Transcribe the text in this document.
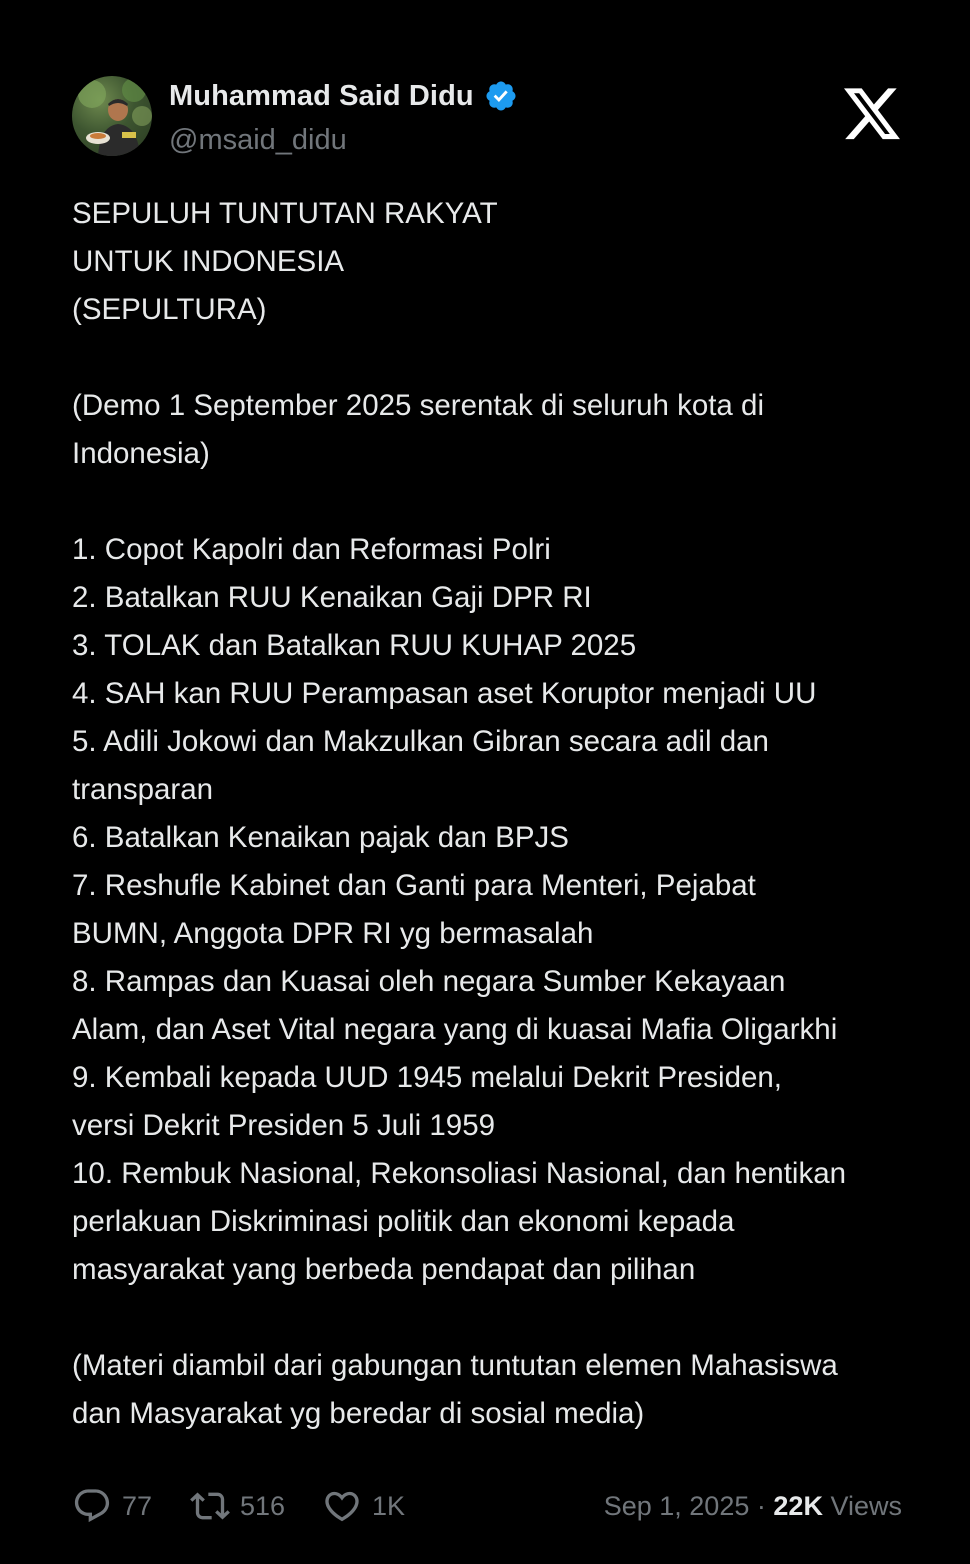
Muhammad Said Didu
@msaid_didu

SEPULUH TUNTUTAN RAKYAT

UNTUK INDONESIA

(SEPULTURA)

(Demo 1 September 2025 serentak di seluruh kota di

Indonesia)

1. Copot Kapolri dan Reformasi Polri

2. Batalkan RUU Kenaikan Gaji DPR RI

3. TOLAK dan Batalkan RUU KUHAP 2025

4. SAH kan RUU Perampasan aset Koruptor menjadi UU

5. Adili Jokowi dan Makzulkan Gibran secara adil dan

transparan

6. Batalkan Kenaikan pajak dan BPJS

7. Reshufle Kabinet dan Ganti para Menteri, Pejabat

BUMN, Anggota DPR RI yg bermasalah

8. Rampas dan Kuasai oleh negara Sumber Kekayaan

Alam, dan Aset Vital negara yang di kuasai Mafia Oligarkhi

9. Kembali kepada UUD 1945 melalui Dekrit Presiden,

versi Dekrit Presiden 5 Juli 1959

10. Rembuk Nasional, Rekonsoliasi Nasional, dan hentikan

perlakuan Diskriminasi politik dan ekonomi kepada

masyarakat yang berbeda pendapat dan pilihan

(Materi diambil dari gabungan tuntutan elemen Mahasiswa

dan Masyarakat yg beredar di sosial media)

77	516	1K	Sep 1, 2025 · 22K Views
